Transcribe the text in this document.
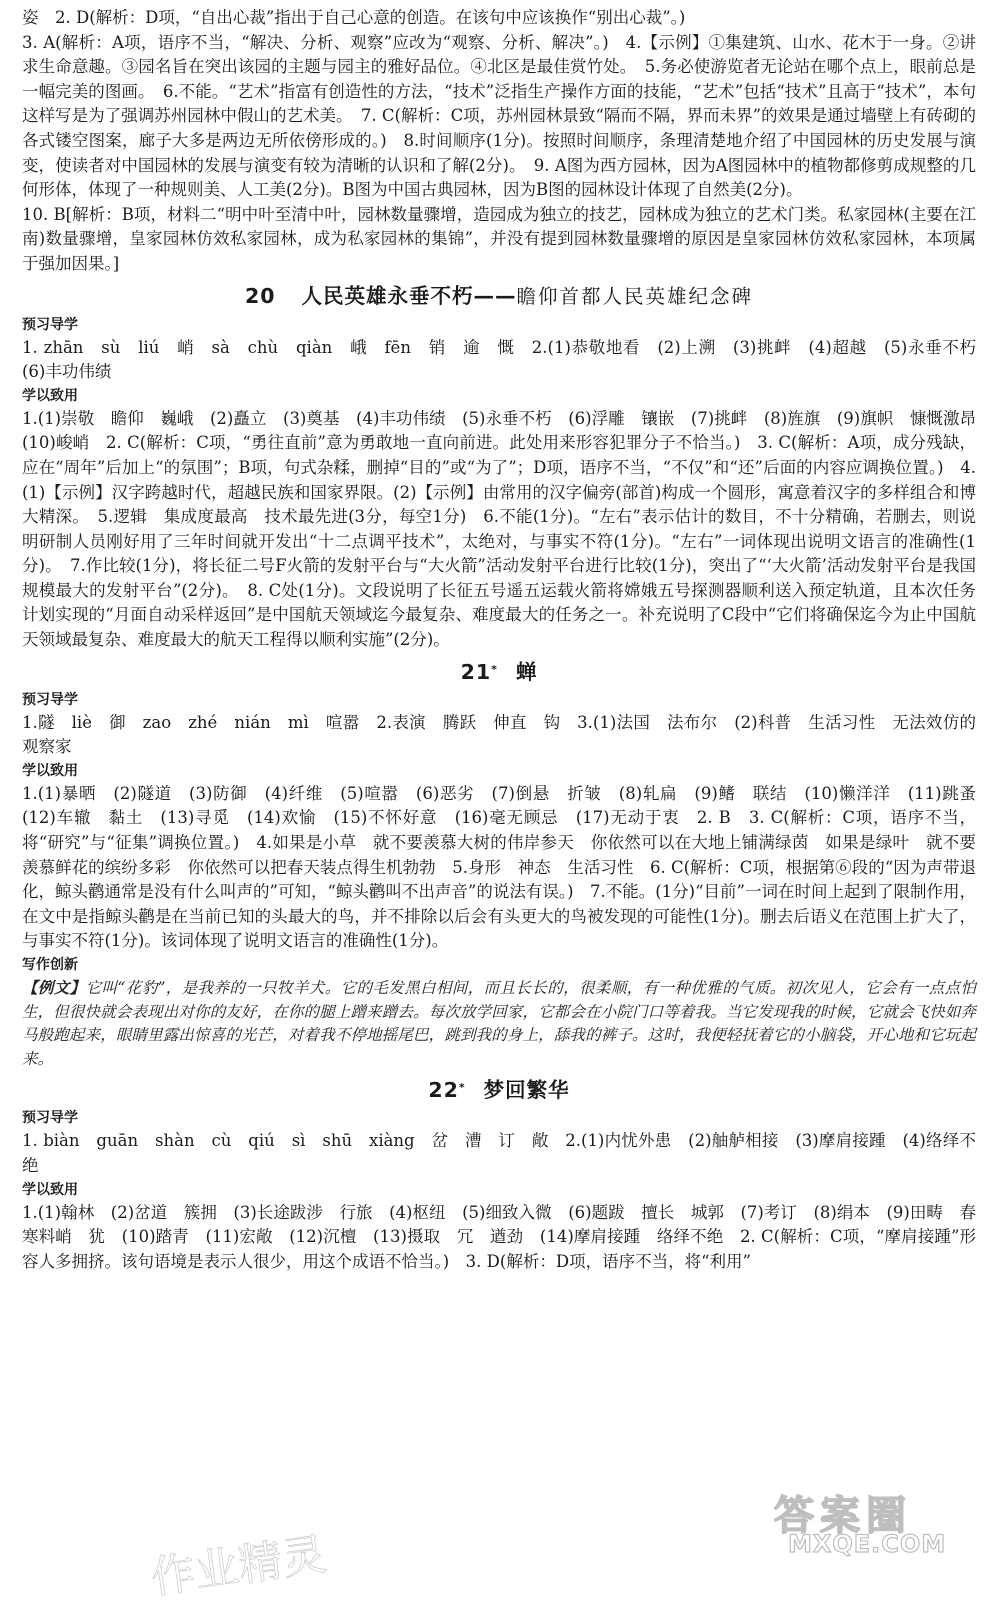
姿　2. D(解析：D项，“自出心裁”指出于自己心意的创造。在该句中应该换作“别出心裁”。)

3. A(解析：A项，语序不当，“解决、分析、观察”应改为“观察、分析、解决”。)　4.【示例】①集建筑、山水、花木于一身。②讲求生命意趣。③园名旨在突出该园的主题与园主的雅好品位。④北区是最佳赏竹处。　5.务必使游览者无论站在哪个点上，眼前总是一幅完美的图画。　6.不能。“艺术”指富有创造性的方法，“技术”泛指生产操作方面的技能，“艺术”包括“技术”且高于“技术”，本句这样写是为了强调苏州园林中假山的艺术美。　7. C(解析：C项，苏州园林景致“隔而不隔，界而未界”的效果是通过墙壁上有砖砌的各式镂空图案，廊子大多是两边无所依傍形成的。)　8.时间顺序(1分)。按照时间顺序，条理清楚地介绍了中国园林的历史发展与演变，使读者对中国园林的发展与演变有较为清晰的认识和了解(2分)。　9. A图为西方园林，因为A图园林中的植物都修剪成规整的几何形体，体现了一种规则美、人工美(2分)。B图为中国古典园林，因为B图的园林设计体现了自然美(2分)。

10. B[解析：B项，材料二“明中叶至清中叶，园林数量骤增，造园成为独立的技艺，园林成为独立的艺术门类。私家园林(主要在江南)数量骤增，皇家园林仿效私家园林，成为私家园林的集锦”，并没有提到园林数量骤增的原因是皇家园林仿效私家园林，本项属于强加因果。]

20 人民英雄永垂不朽——瞻仰首都人民英雄纪念碑

预习导学

1. zhān　sù　liú　峭　sà　chù　qiàn　峨　fēn　销　逾　慨　2.(1)恭敬地看　(2)上溯　(3)挑衅　(4)超越　(5)永垂不朽　(6)丰功伟绩

学以致用

1.(1)崇敬　瞻仰　巍峨　(2)矗立　(3)奠基　(4)丰功伟绩　(5)永垂不朽　(6)浮雕　镶嵌　(7)挑衅　(8)旌旗　(9)旗帜　慷慨激昂　(10)峻峭　2. C(解析：C项，“勇往直前”意为勇敢地一直向前进。此处用来形容犯罪分子不恰当。)　3. C(解析：A项，成分残缺，应在“周年”后加上“的氛围”；B项，句式杂糅，删掉“目的”或“为了”；D项，语序不当，“不仅”和“还”后面的内容应调换位置。)　4.(1)【示例】汉字跨越时代，超越民族和国家界限。(2)【示例】由常用的汉字偏旁(部首)构成一个圆形，寓意着汉字的多样组合和博大精深。　5.逻辑　集成度最高　技术最先进(3分，每空1分)　6.不能(1分)。“左右”表示估计的数目，不十分精确，若删去，则说明研制人员刚好用了三年时间就开发出“十二点调平技术”，太绝对，与事实不符(1分)。“左右”一词体现出说明文语言的准确性(1分)。　7.作比较(1分)，将长征二号F火箭的发射平台与“大火箭”活动发射平台进行比较(1分)，突出了“‘大火箭’活动发射平台是我国规模最大的发射平台”(2分)。　8. C处(1分)。文段说明了长征五号遥五运载火箭将嫦娥五号探测器顺利送入预定轨道，且本次任务计划实现的“月面自动采样返回”是中国航天领域迄今最复杂、难度最大的任务之一。补充说明了C段中“它们将确保迄今为止中国航天领域最复杂、难度最大的航天工程得以顺利实施”(2分)。

21* 蝉

预习导学

1.隧　liè　御　zao　zhé　nián　mì　喧嚣　2.表演　腾跃　伸直　钩　3.(1)法国　法布尔　(2)科普　生活习性　无法效仿的观察家

学以致用

1.(1)暴晒　(2)隧道　(3)防御　(4)纤维　(5)喧嚣　(6)恶劣　(7)倒悬　折皱　(8)轧扁　(9)鳍　联结　(10)懒洋洋　(11)跳蚤　(12)车辙　黏土　(13)寻觅　(14)欢愉　(15)不怀好意　(16)毫无顾忌　(17)无动于衷　2. B　3. C(解析：C项，语序不当，将“研究”与“征集”调换位置。)　4.如果是小草　就不要羡慕大树的伟岸参天　你依然可以在大地上铺满绿茵　如果是绿叶　就不要羡慕鲜花的缤纷多彩　你依然可以把春天装点得生机勃勃　5.身形　神态　生活习性　6. C(解析：C项，根据第⑥段的“因为声带退化，鲸头鹳通常是没有什么叫声的”可知，“鲸头鹳叫不出声音”的说法有误。)　7.不能。(1分)“目前”一词在时间上起到了限制作用，在文中是指鲸头鹳是在当前已知的头最大的鸟，并不排除以后会有头更大的鸟被发现的可能性(1分)。删去后语义在范围上扩大了，与事实不符(1分)。该词体现了说明文语言的准确性(1分)。

写作创新

【例文】它叫“花豹”，是我养的一只牧羊犬。它的毛发黑白相间，而且长长的，很柔顺，有一种优雅的气质。初次见人，它会有一点点怕生，但很快就会表现出对你的友好，在你的腿上蹭来蹭去。每次放学回家，它都会在小院门口等着我。当它发现我的时候，它就会飞快如奔马般跑起来，眼睛里露出惊喜的光芒，对着我不停地摇尾巴，跳到我的身上，舔我的裤子。这时，我便轻抚着它的小脑袋，开心地和它玩起来。

22* 梦回繁华

预习导学

1. biàn　guān　shàn　cù　qiú　sì　shū　xiàng　岔　漕　订　敞　2.(1)内忧外患　(2)舳舻相接　(3)摩肩接踵　(4)络绎不绝

学以致用

1.(1)翰林　(2)岔道　簇拥　(3)长途跋涉　行旅　(4)枢纽　(5)细致入微　(6)题跋　擅长　城郭　(7)考订　(8)绢本　(9)田畴　春寒料峭　犹　(10)踏青　(11)宏敞　(12)沉檀　(13)摄取　冗　遒劲　(14)摩肩接踵　络绎不绝　2. C(解析：C项，“摩肩接踵”形容人多拥挤。该句语境是表示人很少，用这个成语不恰当。)　3. D(解析：D项，语序不当，将“利用”

作业精灵
答案圈
MXQE.COM
